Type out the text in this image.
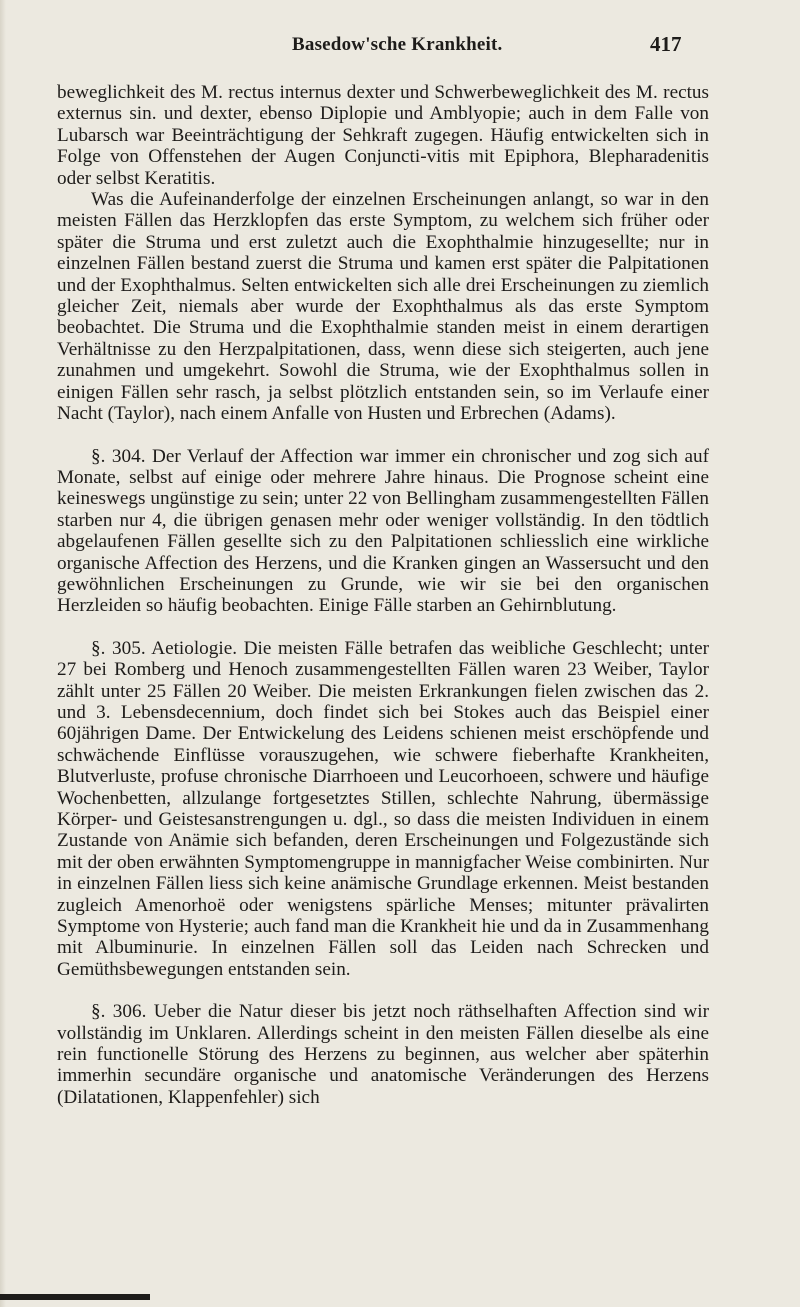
Basedow'sche Krankheit.	417

beweglichkeit des M. rectus internus dexter und Schwerbeweglichkeit des M. rectus externus sin. und dexter, ebenso Diplopie und Amblyopie; auch in dem Falle von Lubarsch war Beeinträchtigung der Sehkraft zugegen. Häufig entwickelten sich in Folge von Offenstehen der Augen Conjuncti-vitis mit Epiphora, Blepharadenitis oder selbst Keratitis.

Was die Aufeinanderfolge der einzelnen Erscheinungen anlangt, so war in den meisten Fällen das Herzklopfen das erste Symptom, zu welchem sich früher oder später die Struma und erst zuletzt auch die Exophthalmie hinzugesellte; nur in einzelnen Fällen bestand zuerst die Struma und kamen erst später die Palpitationen und der Exophthalmus. Selten entwickelten sich alle drei Erscheinungen zu ziemlich gleicher Zeit, niemals aber wurde der Exophthalmus als das erste Symptom beobachtet. Die Struma und die Exophthalmie standen meist in einem derartigen Verhältnisse zu den Herzpalpitationen, dass, wenn diese sich steigerten, auch jene zunahmen und umgekehrt. Sowohl die Struma, wie der Exophthalmus sollen in einigen Fällen sehr rasch, ja selbst plötzlich entstanden sein, so im Verlaufe einer Nacht (Taylor), nach einem Anfalle von Husten und Erbrechen (Adams).

§. 304. Der Verlauf der Affection war immer ein chronischer und zog sich auf Monate, selbst auf einige oder mehrere Jahre hinaus. Die Prognose scheint eine keineswegs ungünstige zu sein; unter 22 von Bellingham zusammengestellten Fällen starben nur 4, die übrigen genasen mehr oder weniger vollständig. In den tödtlich abgelaufenen Fällen gesellte sich zu den Palpitationen schliesslich eine wirkliche organische Affection des Herzens, und die Kranken gingen an Wassersucht und den gewöhnlichen Erscheinungen zu Grunde, wie wir sie bei den organischen Herzleiden so häufig beobachten. Einige Fälle starben an Gehirnblutung.

§. 305. Aetiologie. Die meisten Fälle betrafen das weibliche Geschlecht; unter 27 bei Romberg und Henoch zusammengestellten Fällen waren 23 Weiber, Taylor zählt unter 25 Fällen 20 Weiber. Die meisten Erkrankungen fielen zwischen das 2. und 3. Lebensdecennium, doch findet sich bei Stokes auch das Beispiel einer 60jährigen Dame. Der Entwickelung des Leidens schienen meist erschöpfende und schwächende Einflüsse vorauszugehen, wie schwere fieberhafte Krankheiten, Blutverluste, profuse chronische Diarrhoeen und Leucorhoeen, schwere und häufige Wochenbetten, allzulange fortgesetztes Stillen, schlechte Nahrung, übermässige Körper- und Geistesanstrengungen u. dgl., so dass die meisten Individuen in einem Zustande von Anämie sich befanden, deren Erscheinungen und Folgezustände sich mit der oben erwähnten Symptomengruppe in mannigfacher Weise combinirten. Nur in einzelnen Fällen liess sich keine anämische Grundlage erkennen. Meist bestanden zugleich Amenorhoë oder wenigstens spärliche Menses; mitunter prävalirten Symptome von Hysterie; auch fand man die Krankheit hie und da in Zusammenhang mit Albuminurie. In einzelnen Fällen soll das Leiden nach Schrecken und Gemüthsbewegungen entstanden sein.

§. 306. Ueber die Natur dieser bis jetzt noch räthselhaften Affection sind wir vollständig im Unklaren. Allerdings scheint in den meisten Fällen dieselbe als eine rein functionelle Störung des Herzens zu beginnen, aus welcher aber späterhin immerhin secundäre organische und anatomische Veränderungen des Herzens (Dilatationen, Klappenfehler) sich
